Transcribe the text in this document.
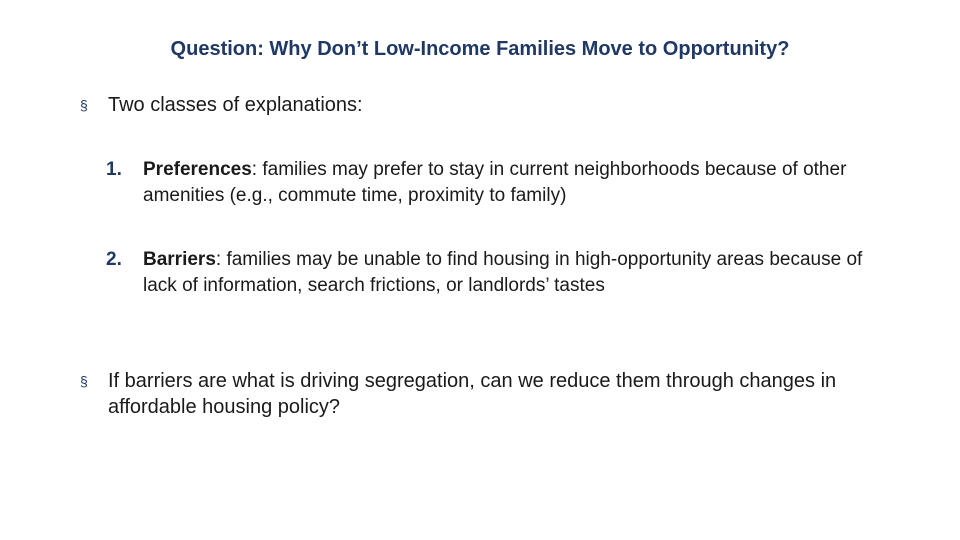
Question: Why Don’t Low-Income Families Move to Opportunity?
§ Two classes of explanations:
1. Preferences: families may prefer to stay in current neighborhoods because of other amenities (e.g., commute time, proximity to family)
2. Barriers: families may be unable to find housing in high-opportunity areas because of lack of information, search frictions, or landlords’ tastes
§ If barriers are what is driving segregation, can we reduce them through changes in affordable housing policy?
